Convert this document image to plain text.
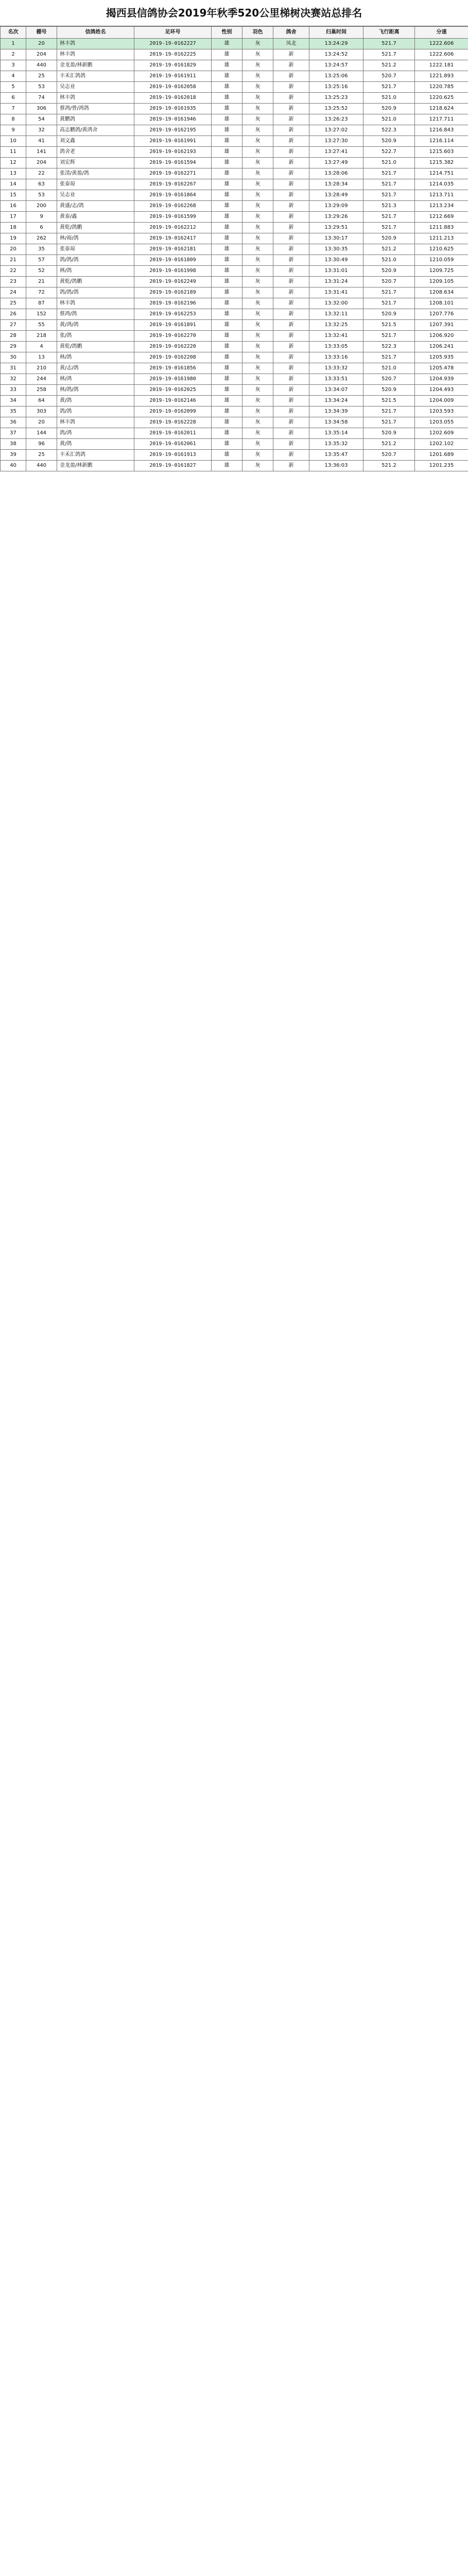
揭西县信鸽协会2019年秋季520公里梯树决赛站总排名
名次	棚号	信鸽姓名	足环号	性别	羽色	鸽舍	归巢时间	飞行距离	分速
1	20	林丰鸽	2019-19-0162227	雄	灰	凤北	13:24:29	521.7	1222.606
2	204	林丰鸽	2019-19-0162225	雄	灰	新	13:24:52	521.7	1222.606
3	440	金龙盈/林新鹏	2019-19-0161829	雄	灰	新	13:24:57	521.2	1222.181
4	25	丰禾汇鸽鸽	2019-19-0161911	雄	灰	新	13:25:06	520.7	1221.893
5	53	吴志业	2019-19-0162058	雄	灰	新	13:25:16	521.7	1220.785
6	74	林丰鸽	2019-19-0162018	雄	灰	新	13:25:23	521.0	1220.625
7	306	蔡鸿/曾/鸿鸽	2019-19-0161935	雄	灰	新	13:25:52	520.9	1218.624
8	54	黄鹏鸽	2019-19-0161946	雄	灰	新	13:26:23	521.0	1217.711
9	32	高志鹏鸽/黄鸿舍	2019-19-0162195	雄	灰	新	13:27:02	522.3	1216.843
10	41	刘文鑫	2019-19-0161991	雄	灰	新	13:27:30	520.9	1216.114
11	141	鸽舍老	2019-19-0162193	雄	灰	新	13:27:41	522.7	1215.603
12	204	刘宏辉	2019-19-0161594	雄	灰	新	13:27:49	521.0	1215.382
13	22	张清/黄盈/鸽	2019-19-0162271	雄	灰	新	13:28:06	521.7	1214.751
14	63	张泰琼	2019-19-0162267	雄	灰	新	13:28:34	521.7	1214.035
15	53	吴志业	2019-19-0161864	雄	灰	新	13:28:49	521.7	1213.711
16	200	黄盛/志/鸽	2019-19-0162268	雄	灰	新	13:29:09	521.3	1213.234
17	9	黄泰/鑫	2019-19-0161599	雄	灰	新	13:29:26	521.7	1212.669
18	6	黄乾/鸽鹏	2019-19-0162212	雄	灰	新	13:29:51	521.7	1211.883
19	262	林/裕/鸽	2019-19-0162417	雄	灰	新	13:30:17	520.9	1211.213
20	35	张泰琼	2019-19-0162181	雄	灰	新	13:30:35	521.2	1210.625
21	57	鸽/鸽/鸽	2019-19-0161809	雄	灰	新	13:30:49	521.0	1210.059
22	52	林/鸽	2019-19-0161998	雄	灰	新	13:31:01	520.9	1209.725
23	21	黄乾/鸽鹏	2019-19-0162249	雄	灰	新	13:31:24	520.7	1209.105
24	72	鸽/鸽/鸽	2019-19-0162189	雄	灰	新	13:31:41	521.7	1208.634
25	87	林丰鸽	2019-19-0162196	雄	灰	新	13:32:00	521.7	1208.101
26	152	蔡鸿/鸽	2019-19-0162253	雄	灰	新	13:32:11	520.9	1207.776
27	55	黄/鸿/鸽	2019-19-0161891	雄	灰	新	13:32:25	521.5	1207.391
28	218	张/鸽	2019-19-0162270	雄	灰	新	13:32:41	521.7	1206.920
29	4	黄乾/鸽鹏	2019-19-0162220	雄	灰	新	13:33:05	522.3	1206.241
30	13	林/鸽	2019-19-0162208	雄	灰	新	13:33:16	521.7	1205.935
31	210	黄/志/鸽	2019-19-0161856	雄	灰	新	13:33:32	521.0	1205.478
32	244	林/鸿	2019-19-0161980	雄	灰	新	13:33:51	520.7	1204.939
33	258	林/鸽/鸽	2019-19-0162025	雄	灰	新	13:34:07	520.9	1204.493
34	64	黄/鸽	2019-19-0162146	雄	灰	新	13:34:24	521.5	1204.009
35	303	鸽/鸽	2019-19-0162099	雄	灰	新	13:34:39	521.7	1203.593
36	20	林丰鸽	2019-19-0162228	雄	灰	新	13:34:58	521.7	1203.055
37	144	鸽/鸿	2019-19-0162011	雄	灰	新	13:35:14	520.9	1202.609
38	96	黄/鸽	2019-19-0162061	雄	灰	新	13:35:32	521.2	1202.102
39	25	丰禾汇鸽鸽	2019-19-0161913	雄	灰	新	13:35:47	520.7	1201.689
40	440	金龙盈/林新鹏	2019-19-0161827	雄	灰	新	13:36:03	521.2	1201.235
